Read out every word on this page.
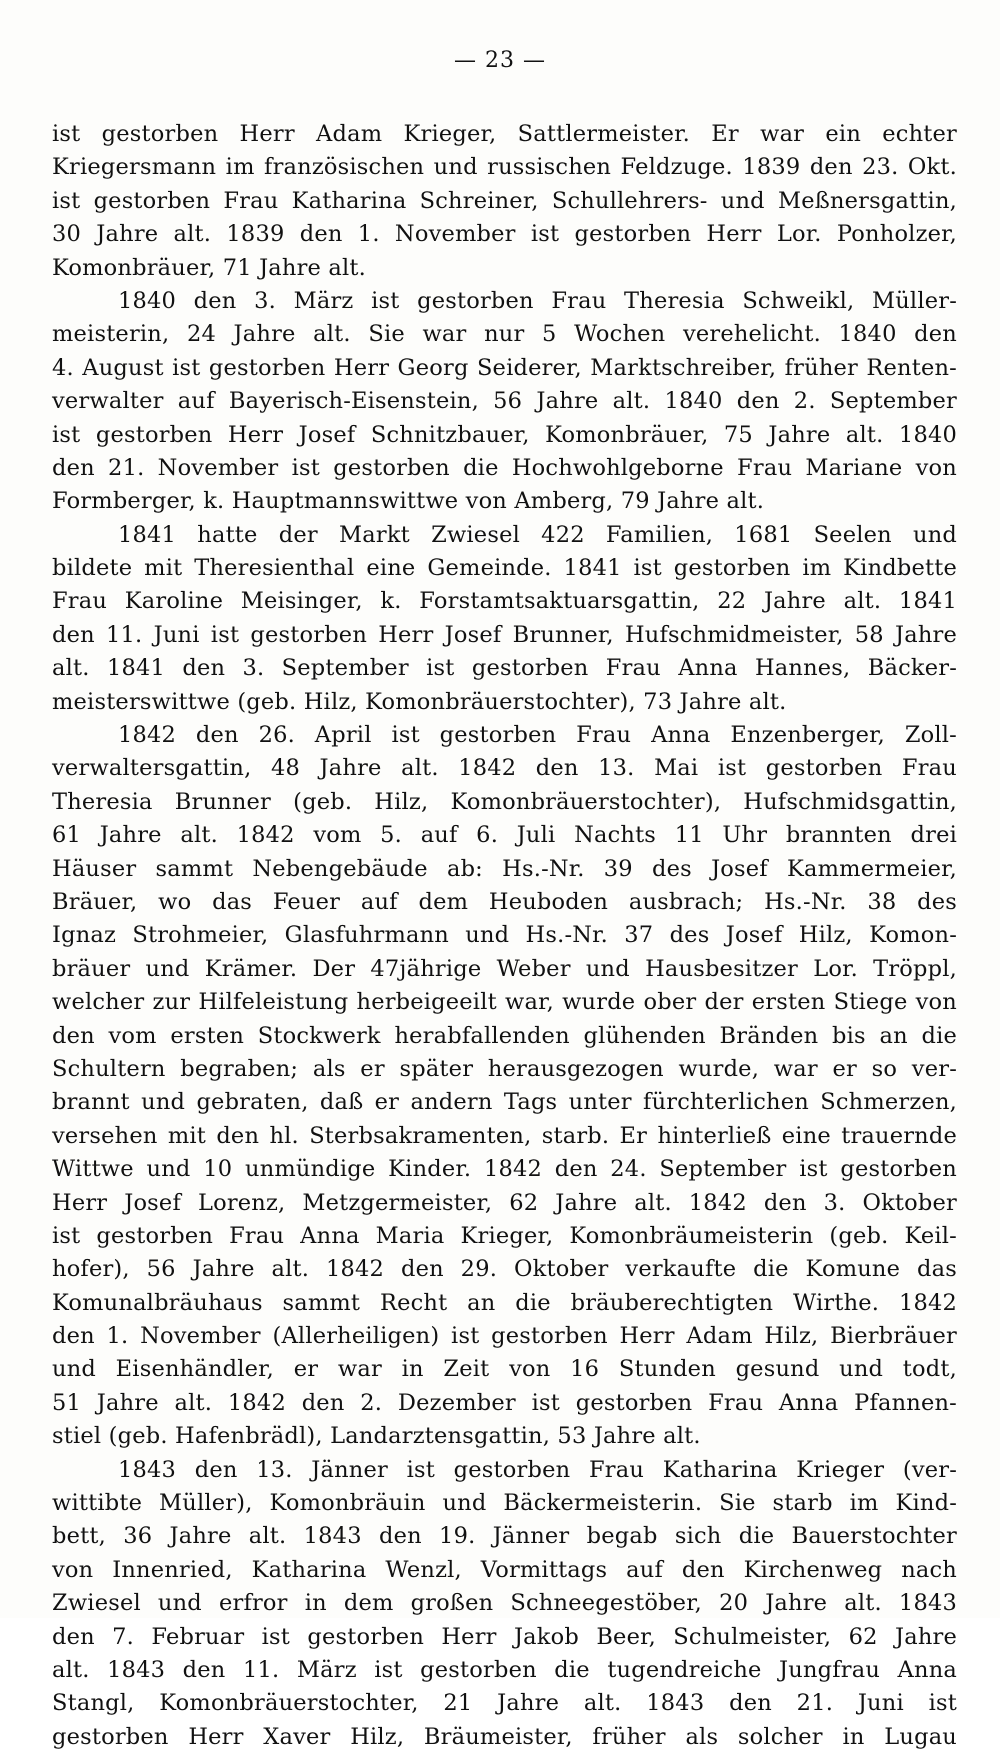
— 23 —
ist gestorben Herr Adam Krieger, Sattlermeister. Er war ein echter
Kriegersmann im französischen und russischen Feldzuge. 1839 den 23. Okt.
ist gestorben Frau Katharina Schreiner, Schullehrers- und Meßnersgattin,
30 Jahre alt. 1839 den 1. November ist gestorben Herr Lor. Ponholzer,
Komonbräuer, 71 Jahre alt.
1840 den 3. März ist gestorben Frau Theresia Schweikl, Müller-
meisterin, 24 Jahre alt. Sie war nur 5 Wochen verehelicht. 1840 den
4. August ist gestorben Herr Georg Seiderer, Marktschreiber, früher Renten-
verwalter auf Bayerisch-Eisenstein, 56 Jahre alt. 1840 den 2. September
ist gestorben Herr Josef Schnitzbauer, Komonbräuer, 75 Jahre alt. 1840
den 21. November ist gestorben die Hochwohlgeborne Frau Mariane von
Formberger, k. Hauptmannswittwe von Amberg, 79 Jahre alt.
1841 hatte der Markt Zwiesel 422 Familien, 1681 Seelen und
bildete mit Theresienthal eine Gemeinde. 1841 ist gestorben im Kindbette
Frau Karoline Meisinger, k. Forstamtsaktuarsgattin, 22 Jahre alt. 1841
den 11. Juni ist gestorben Herr Josef Brunner, Hufschmidmeister, 58 Jahre
alt. 1841 den 3. September ist gestorben Frau Anna Hannes, Bäcker-
meisterswittwe (geb. Hilz, Komonbräuerstochter), 73 Jahre alt.
1842 den 26. April ist gestorben Frau Anna Enzenberger, Zoll-
verwaltersgattin, 48 Jahre alt. 1842 den 13. Mai ist gestorben Frau
Theresia Brunner (geb. Hilz, Komonbräuerstochter), Hufschmidsgattin,
61 Jahre alt. 1842 vom 5. auf 6. Juli Nachts 11 Uhr brannten drei
Häuser sammt Nebengebäude ab: Hs.-Nr. 39 des Josef Kammermeier,
Bräuer, wo das Feuer auf dem Heuboden ausbrach; Hs.-Nr. 38 des
Ignaz Strohmeier, Glasfuhrmann und Hs.-Nr. 37 des Josef Hilz, Komon-
bräuer und Krämer. Der 47jährige Weber und Hausbesitzer Lor. Tröppl,
welcher zur Hilfeleistung herbeigeeilt war, wurde ober der ersten Stiege von
den vom ersten Stockwerk herabfallenden glühenden Bränden bis an die
Schultern begraben; als er später herausgezogen wurde, war er so ver-
brannt und gebraten, daß er andern Tags unter fürchterlichen Schmerzen,
versehen mit den hl. Sterbsakramenten, starb. Er hinterließ eine trauernde
Wittwe und 10 unmündige Kinder. 1842 den 24. September ist gestorben
Herr Josef Lorenz, Metzgermeister, 62 Jahre alt. 1842 den 3. Oktober
ist gestorben Frau Anna Maria Krieger, Komonbräumeisterin (geb. Keil-
hofer), 56 Jahre alt. 1842 den 29. Oktober verkaufte die Komune das
Komunalbräuhaus sammt Recht an die bräuberechtigten Wirthe. 1842
den 1. November (Allerheiligen) ist gestorben Herr Adam Hilz, Bierbräuer
und Eisenhändler, er war in Zeit von 16 Stunden gesund und todt,
51 Jahre alt. 1842 den 2. Dezember ist gestorben Frau Anna Pfannen-
stiel (geb. Hafenbrädl), Landarztensgattin, 53 Jahre alt.
1843 den 13. Jänner ist gestorben Frau Katharina Krieger (ver-
wittibte Müller), Komonbräuin und Bäckermeisterin. Sie starb im Kind-
bett, 36 Jahre alt. 1843 den 19. Jänner begab sich die Bauerstochter
von Innenried, Katharina Wenzl, Vormittags auf den Kirchenweg nach
Zwiesel und erfror in dem großen Schneegestöber, 20 Jahre alt. 1843
den 7. Februar ist gestorben Herr Jakob Beer, Schulmeister, 62 Jahre
alt. 1843 den 11. März ist gestorben die tugendreiche Jungfrau Anna
Stangl, Komonbräuerstochter, 21 Jahre alt. 1843 den 21. Juni ist
gestorben Herr Xaver Hilz, Bräumeister, früher als solcher in Lugau
